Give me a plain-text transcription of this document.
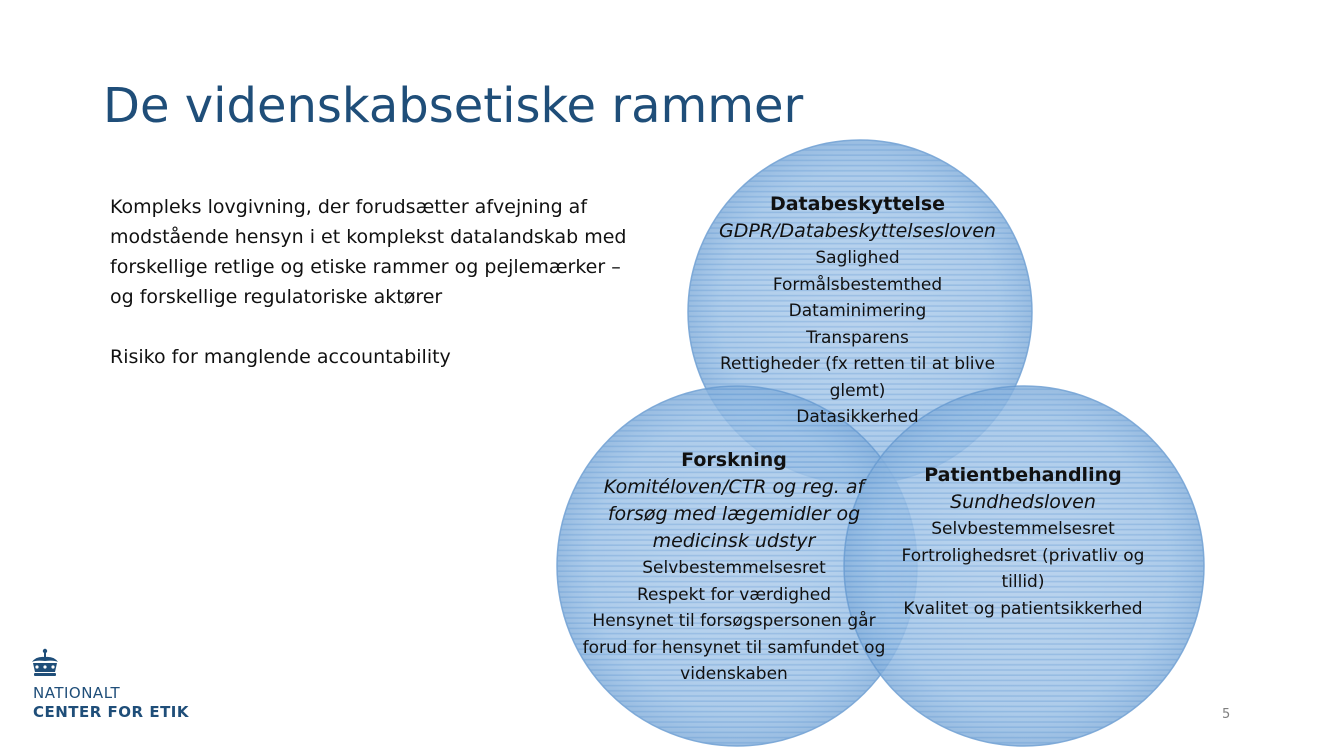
De videnskabsetiske rammer

Kompleks lovgivning, der forudsætter afvejning af modstående hensyn i et komplekst datalandskab med forskellige retlige og etiske rammer og pejlemærker – og forskellige regulatoriske aktører

Risiko for manglende accountability

Databeskyttelse
GDPR/Databeskyttelsesloven
Saglighed
Formålsbestemthed
Dataminimering
Transparens
Rettigheder (fx retten til at blive glemt)
Datasikkerhed
Forskning
Komitéloven/CTR og reg. af forsøg med lægemidler og medicinsk udstyr
Selvbestemmelsesret
Respekt for værdighed
Hensynet til forsøgspersonen går forud for hensynet til samfundet og videnskaben
Patientbehandling
Sundhedsloven
Selvbestemmelsesret
Fortrolighedsret (privatliv og tillid)
Kvalitet og patientsikkerhed
NATIONALT
CENTER FOR ETIK	5
